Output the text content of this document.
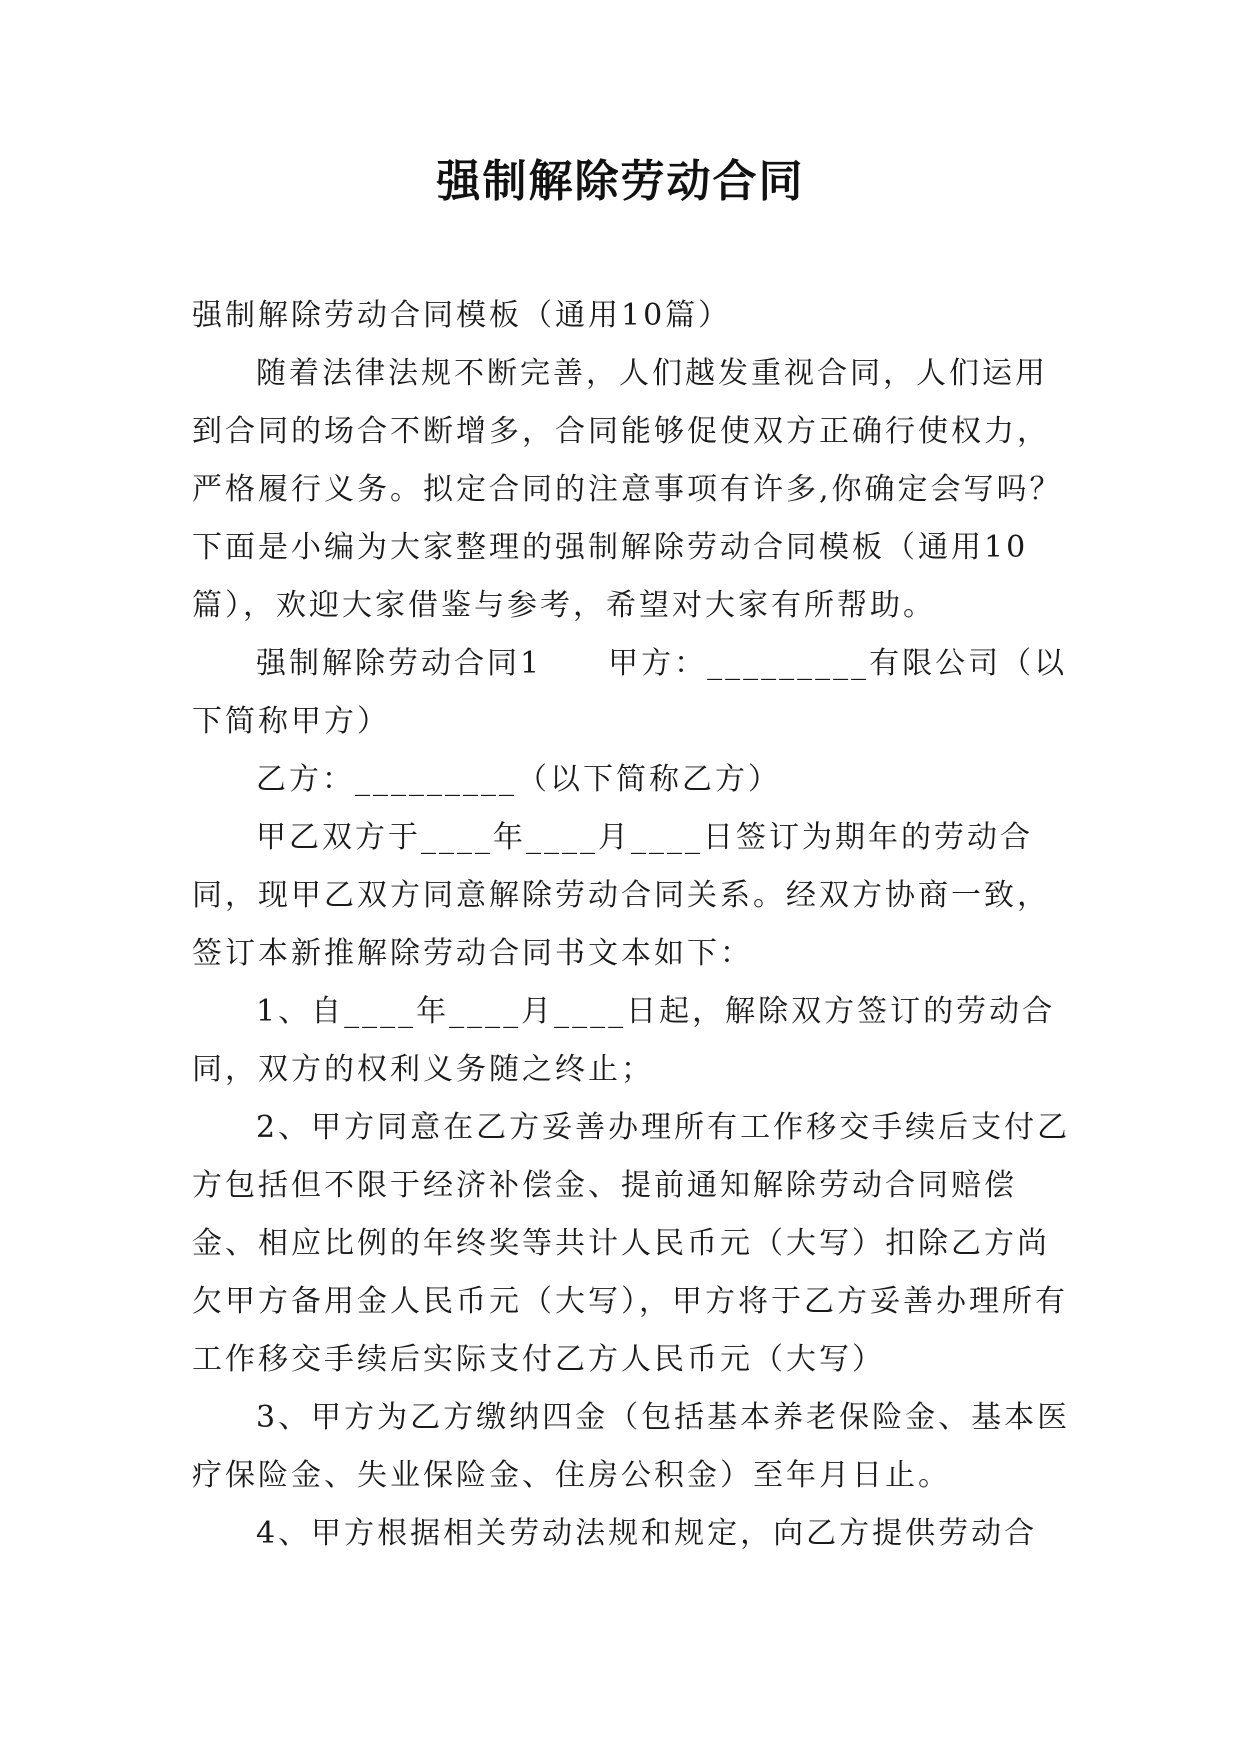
强制解除劳动合同

强制解除劳动合同模板（通用10篇）

随着法律法规不断完善，人们越发重视合同，人们运用到合同的场合不断增多，合同能够促使双方正确行使权力，严格履行义务。拟定合同的注意事项有许多,你确定会写吗？下面是小编为大家整理的强制解除劳动合同模板（通用10篇），欢迎大家借鉴与参考，希望对大家有所帮助。

强制解除劳动合同1　　甲方：_________有限公司（以下简称甲方）

乙方：_________（以下简称乙方）

甲乙双方于____年____月____日签订为期年的劳动合同，现甲乙双方同意解除劳动合同关系。经双方协商一致，签订本新推解除劳动合同书文本如下：

1、自____年____月____日起，解除双方签订的劳动合同，双方的权利义务随之终止；

2、甲方同意在乙方妥善办理所有工作移交手续后支付乙方包括但不限于经济补偿金、提前通知解除劳动合同赔偿金、相应比例的年终奖等共计人民币元（大写）扣除乙方尚欠甲方备用金人民币元（大写），甲方将于乙方妥善办理所有工作移交手续后实际支付乙方人民币元（大写）

3、甲方为乙方缴纳四金（包括基本养老保险金、基本医疗保险金、失业保险金、住房公积金）至年月日止。

4、甲方根据相关劳动法规和规定，向乙方提供劳动合
